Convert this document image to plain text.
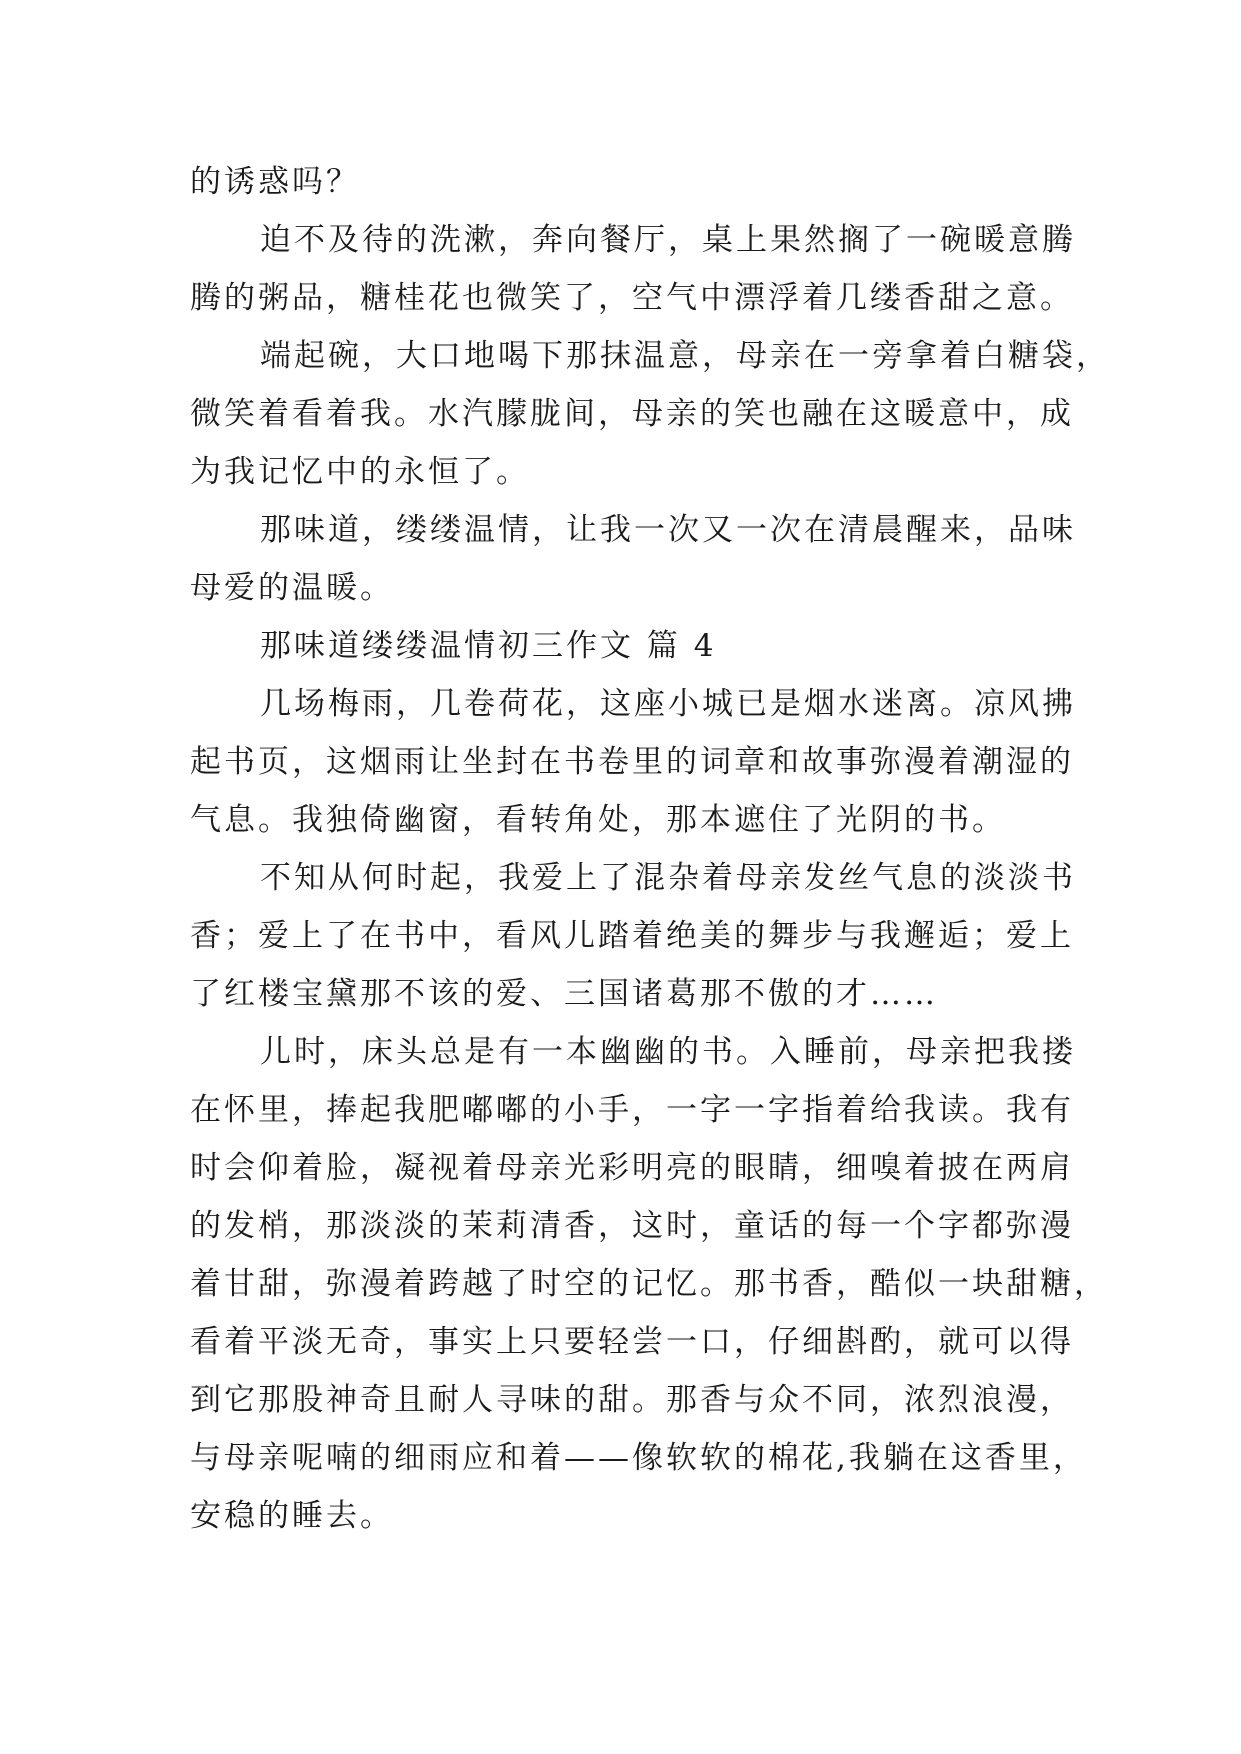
的诱惑吗？
迫不及待的洗漱，奔向餐厅，桌上果然搁了一碗暖意腾
腾的粥品，糖桂花也微笑了，空气中漂浮着几缕香甜之意。
端起碗，大口地喝下那抹温意，母亲在一旁拿着白糖袋，
微笑着看着我。水汽朦胧间，母亲的笑也融在这暖意中，成
为我记忆中的永恒了。
那味道，缕缕温情，让我一次又一次在清晨醒来，品味
母爱的温暖。
那味道缕缕温情初三作文 篇 4
几场梅雨，几卷荷花，这座小城已是烟水迷离。凉风拂
起书页，这烟雨让坐封在书卷里的词章和故事弥漫着潮湿的
气息。我独倚幽窗，看转角处，那本遮住了光阴的书。
不知从何时起，我爱上了混杂着母亲发丝气息的淡淡书
香；爱上了在书中，看风儿踏着绝美的舞步与我邂逅；爱上
了红楼宝黛那不该的爱、三国诸葛那不傲的才……
儿时，床头总是有一本幽幽的书。入睡前，母亲把我搂
在怀里，捧起我肥嘟嘟的小手，一字一字指着给我读。我有
时会仰着脸，凝视着母亲光彩明亮的眼睛，细嗅着披在两肩
的发梢，那淡淡的茉莉清香，这时，童话的每一个字都弥漫
着甘甜，弥漫着跨越了时空的记忆。那书香，酷似一块甜糖，
看着平淡无奇，事实上只要轻尝一口，仔细斟酌，就可以得
到它那股神奇且耐人寻味的甜。那香与众不同，浓烈浪漫，
与母亲呢喃的细雨应和着——像软软的棉花,我躺在这香里，
安稳的睡去。
